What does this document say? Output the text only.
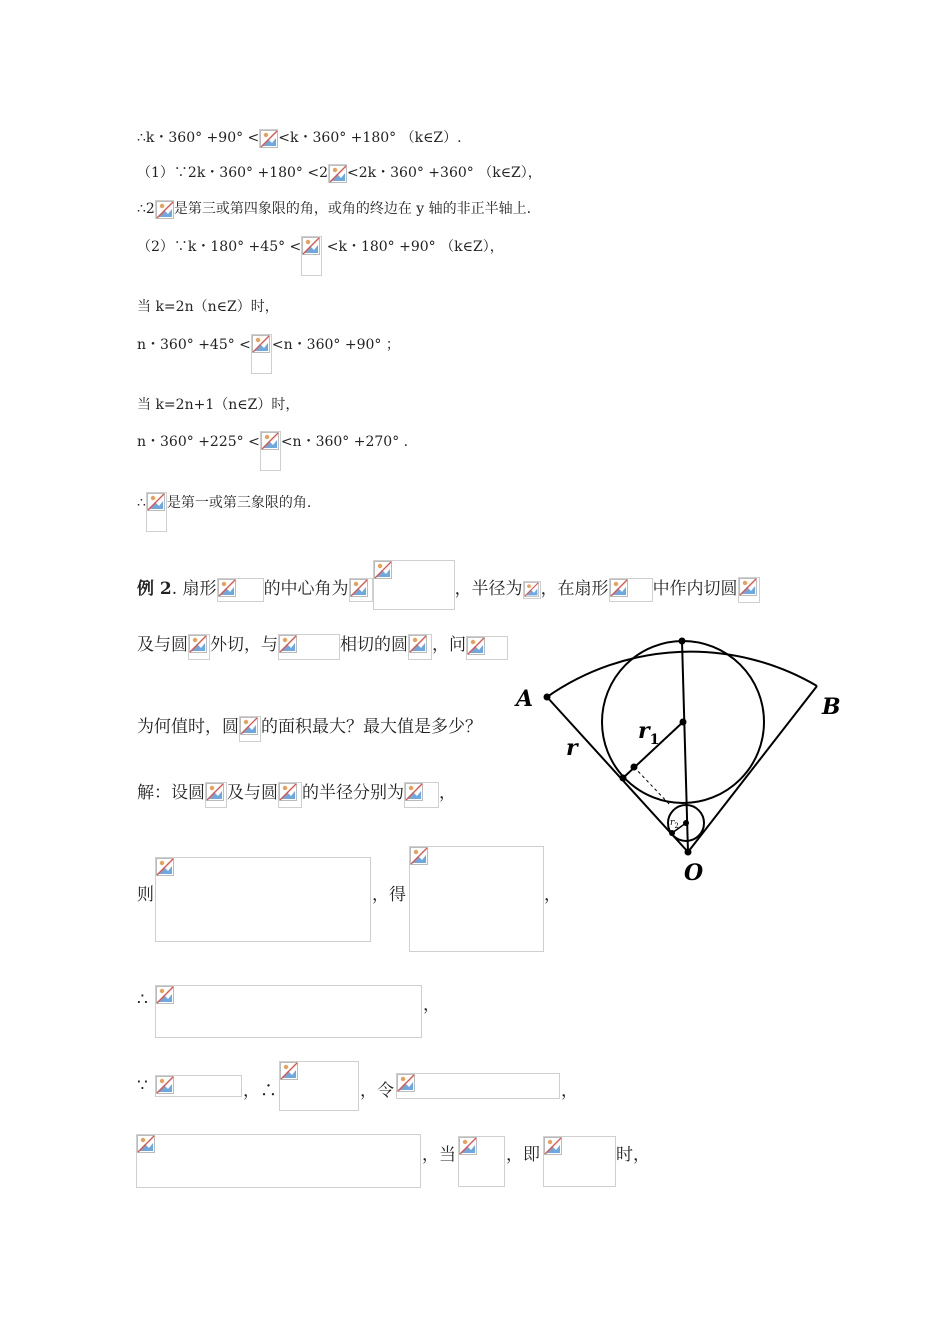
∴k・360° +90° < <k・360° +180° （k∈Z）.
（1）∵2k・360° +180° <2 <2k・360° +360° （k∈Z），
∴2 是第三或第四象限的角，或角的终边在 y 轴的非正半轴上.
（2）∵k・180° +45° <
<k・180° +90° （k∈Z），
当 k=2n（n∈Z）时，
n・360° +45° < <n・360° +90° ；
当 k=2n+1（n∈Z）时，
n・360° +225° < <n・360° +270° .
∴ 是第一或第三象限的角.
例 2. 扇形	的中心角为	，半径为 ，在扇形	中作内切圆
及与圆 外切，与	相切的圆 ，问
为何值时，圆 的面积最大？最大值是多少？
解：设圆 及与圆 的半径分别为 ，
则	，得	，
∴	，
∵	，∴	，令	，
，当	，即	时，
A	B
O
r
$r_1$
$r_2$
